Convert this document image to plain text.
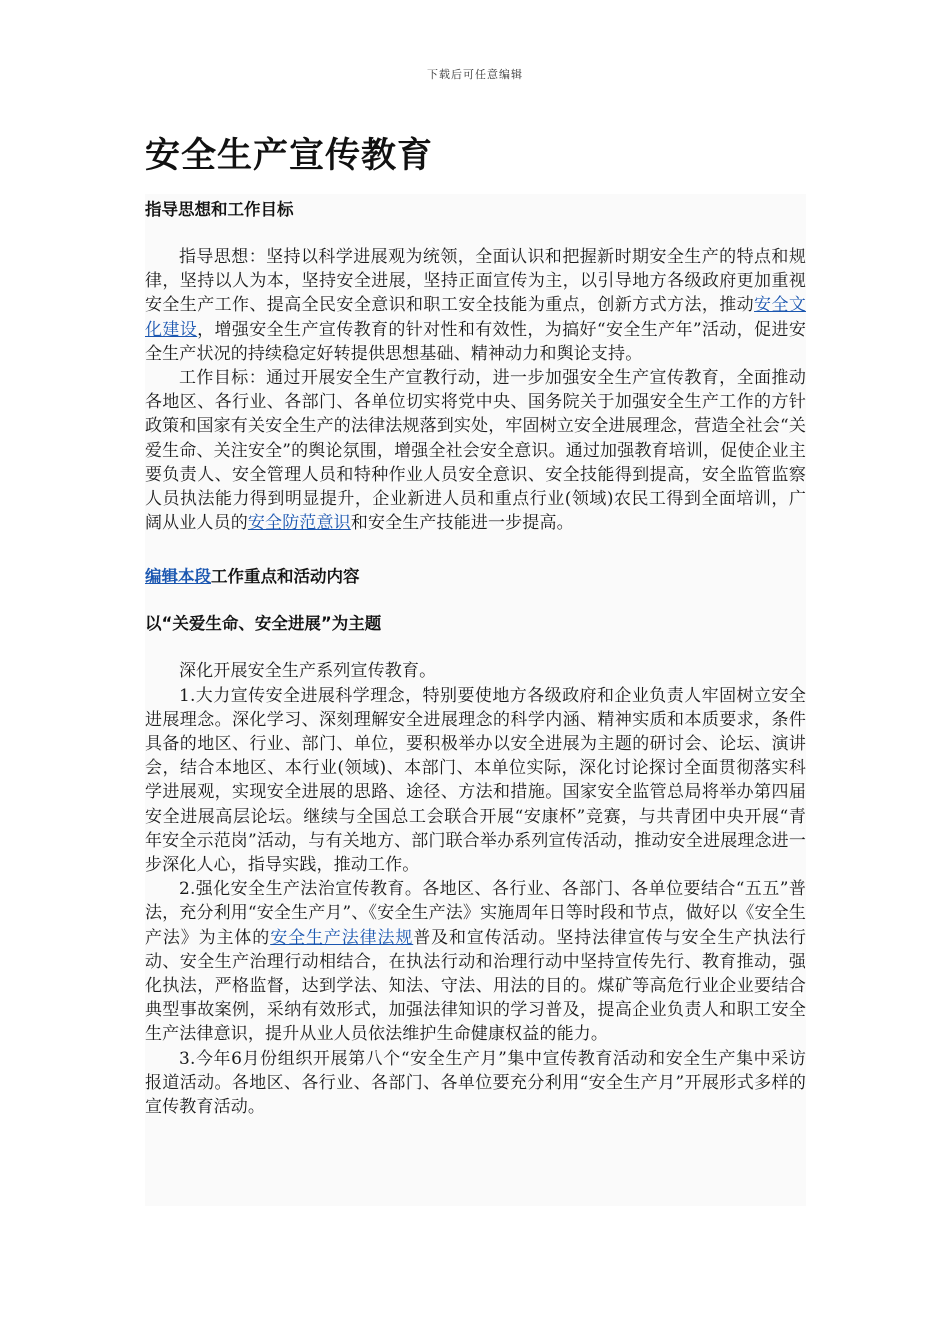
下载后可任意编辑
安全生产宣传教育
指导思想和工作目标

指导思想：坚持以科学进展观为统领，全面认识和把握新时期安全生产的特点和规律，坚持以人为本，坚持安全进展，坚持正面宣传为主，以引导地方各级政府更加重视安全生产工作、提高全民安全意识和职工安全技能为重点，创新方式方法，推动安全文化建设，增强安全生产宣传教育的针对性和有效性，为搞好“安全生产年”活动，促进安全生产状况的持续稳定好转提供思想基础、精神动力和舆论支持。

工作目标：通过开展安全生产宣教行动，进一步加强安全生产宣传教育，全面推动各地区、各行业、各部门、各单位切实将党中央、国务院关于加强安全生产工作的方针政策和国家有关安全生产的法律法规落到实处，牢固树立安全进展理念，营造全社会“关爱生命、关注安全”的舆论氛围，增强全社会安全意识。通过加强教育培训，促使企业主要负责人、安全管理人员和特种作业人员安全意识、安全技能得到提高，安全监管监察人员执法能力得到明显提升，企业新进人员和重点行业(领域)农民工得到全面培训，广阔从业人员的安全防范意识和安全生产技能进一步提高。

编辑本段工作重点和活动内容
以“关爱生命、安全进展”为主题

深化开展安全生产系列宣传教育。

1.大力宣传安全进展科学理念，特别要使地方各级政府和企业负责人牢固树立安全进展理念。深化学习、深刻理解安全进展理念的科学内涵、精神实质和本质要求，条件具备的地区、行业、部门、单位，要积极举办以安全进展为主题的研讨会、论坛、演讲会，结合本地区、本行业(领域)、本部门、本单位实际，深化讨论探讨全面贯彻落实科学进展观，实现安全进展的思路、途径、方法和措施。国家安全监管总局将举办第四届安全进展高层论坛。继续与全国总工会联合开展“安康杯”竞赛，与共青团中央开展“青年安全示范岗”活动，与有关地方、部门联合举办系列宣传活动，推动安全进展理念进一步深化人心，指导实践，推动工作。

2.强化安全生产法治宣传教育。各地区、各行业、各部门、各单位要结合“五五”普法，充分利用“安全生产月”、《安全生产法》实施周年日等时段和节点，做好以《安全生产法》为主体的安全生产法律法规普及和宣传活动。坚持法律宣传与安全生产执法行动、安全生产治理行动相结合，在执法行动和治理行动中坚持宣传先行、教育推动，强化执法，严格监督，达到学法、知法、守法、用法的目的。煤矿等高危行业企业要结合典型事故案例，采纳有效形式，加强法律知识的学习普及，提高企业负责人和职工安全生产法律意识，提升从业人员依法维护生命健康权益的能力。

3.今年6月份组织开展第八个“安全生产月”集中宣传教育活动和安全生产集中采访报道活动。各地区、各行业、各部门、各单位要充分利用“安全生产月”开展形式多样的宣传教育活动。
